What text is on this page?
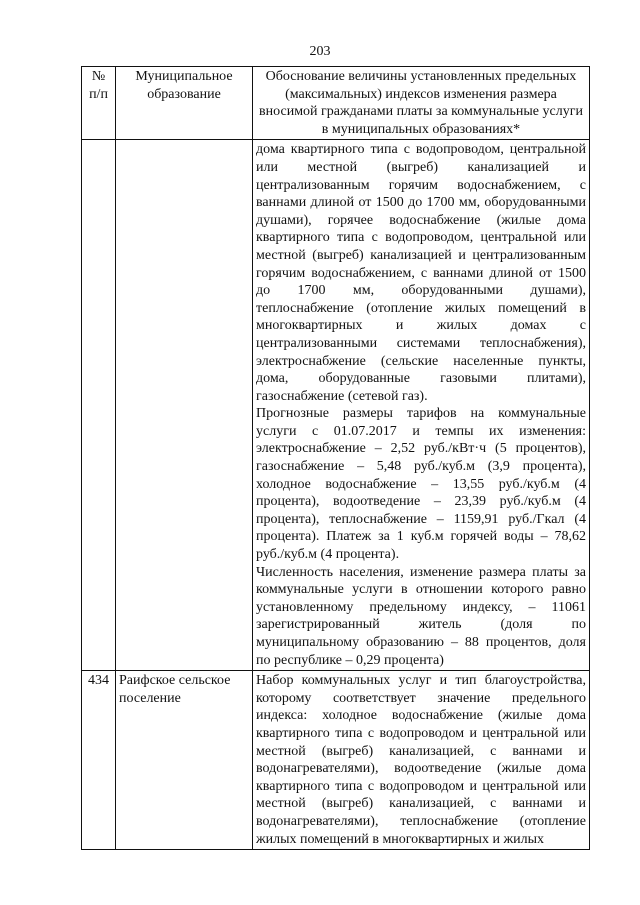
203
№ п/п	Муниципальное образование	Обоснование величины установленных предельных (максимальных) индексов изменения размера вносимой гражданами платы за коммунальные услуги в муниципальных образованиях*

		дома квартирного типа с водопроводом, центральной или местной (выгреб) канализацией и централизованным горячим водоснабжением, с ваннами длиной от 1500 до 1700 мм, оборудованными душами), горячее водоснабжение (жилые дома квартирного типа с водопроводом, центральной или местной (выгреб) канализацией и централизованным горячим водоснабжением, с ваннами длиной от 1500 до 1700 мм, оборудованными душами), теплоснабжение (отопление жилых помещений в многоквартирных и жилых домах с централизованными системами теплоснабжения), электроснабжение (сельские населенные пункты, дома, оборудованные газовыми плитами), газоснабжение (сетевой газ).

Прогнозные размеры тарифов на коммунальные услуги с 01.07.2017 и темпы их изменения: электроснабжение – 2,52 руб./кВт·ч (5 процентов), газоснабжение – 5,48 руб./куб.м (3,9 процента), холодное водоснабжение – 13,55 руб./куб.м (4 процента), водоотведение – 23,39 руб./куб.м (4 процента), теплоснабжение – 1159,91 руб./Гкал (4 процента). Платеж за 1 куб.м горячей воды – 78,62 руб./куб.м (4 процента).

Численность населения, изменение размера платы за коммунальные услуги в отношении которого равно установленному предельному индексу, – 11061 зарегистрированный житель (доля по муниципальному образованию – 88 процентов, доля по республике – 0,29 процента)

434	Раифское сельское поселение	Набор коммунальных услуг и тип благоустройства, которому соответствует значение предельного индекса: холодное водоснабжение (жилые дома квартирного типа с водопроводом и центральной или местной (выгреб) канализацией, с ваннами и водонагревателями), водоотведение (жилые дома квартирного типа с водопроводом и центральной или местной (выгреб) канализацией, с ваннами и водонагревателями), теплоснабжение (отопление жилых помещений в многоквартирных и жилых
